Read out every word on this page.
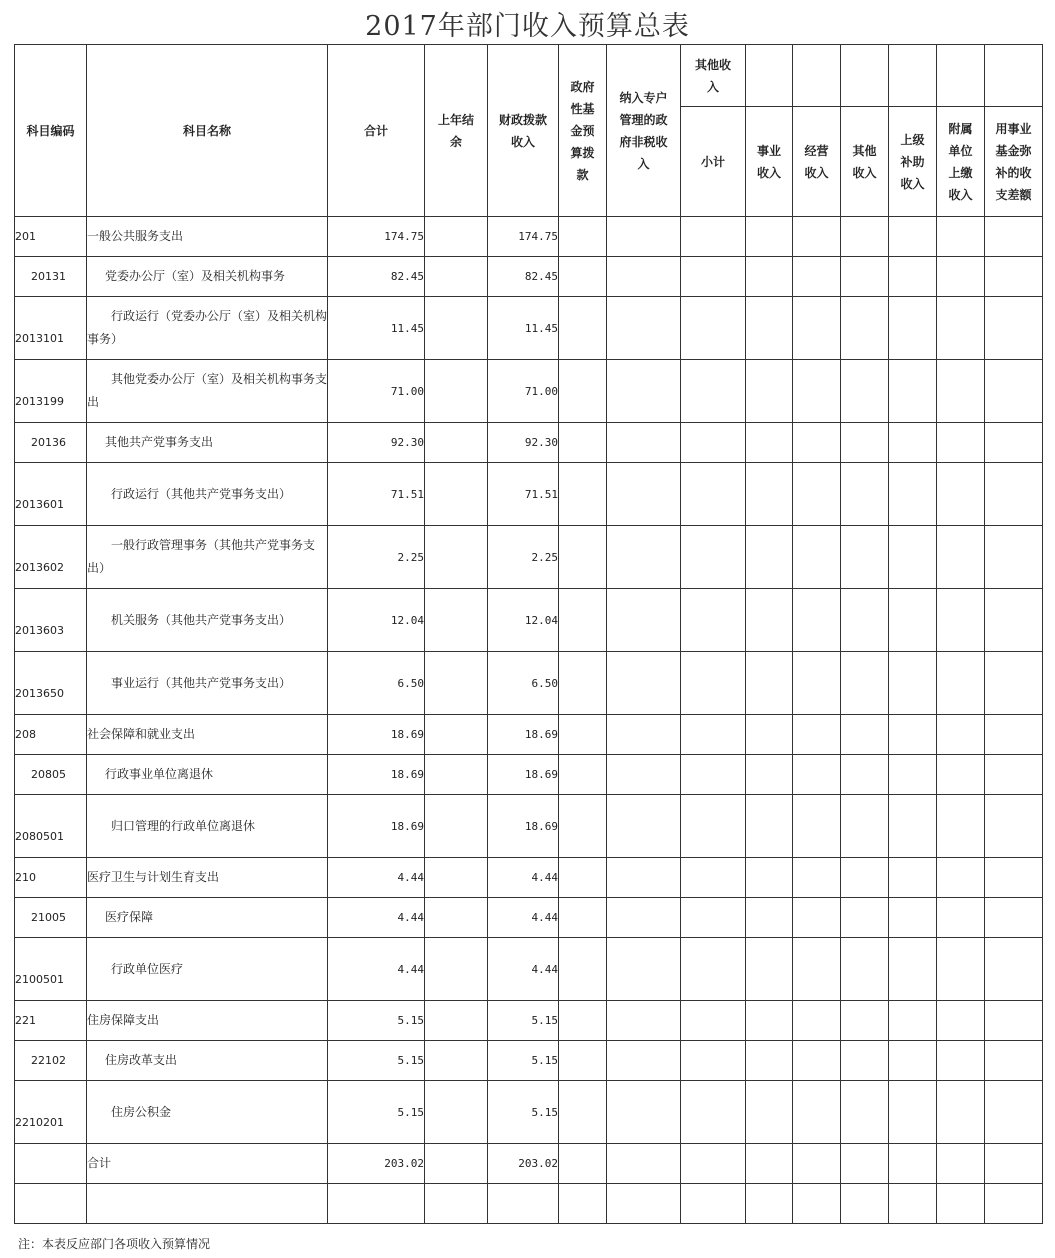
2017年部门收入预算总表
科目编码	科目名称	合计	上年结余	财政拨款收入	政府性基金预算拨款	纳入专户管理的政府非税收入	其他收入						
							小计	事业收入	经营收入	其他收入	上级补助收入	附属单位上缴收入	用事业基金弥补的收支差额
201	一般公共服务支出	174.75		174.75									
20131	党委办公厅（室）及相关机构事务	82.45		82.45									
2013101	行政运行（党委办公厅（室）及相关机构事务）	11.45		11.45									
2013199	其他党委办公厅（室）及相关机构事务支出	71.00		71.00									
20136	其他共产党事务支出	92.30		92.30									
2013601	行政运行（其他共产党事务支出）	71.51		71.51									
2013602	一般行政管理事务（其他共产党事务支出）	2.25		2.25									
2013603	机关服务（其他共产党事务支出）	12.04		12.04									
2013650	事业运行（其他共产党事务支出）	6.50		6.50									
208	社会保障和就业支出	18.69		18.69									
20805	行政事业单位离退休	18.69		18.69									
2080501	归口管理的行政单位离退休	18.69		18.69									
210	医疗卫生与计划生育支出	4.44		4.44									
21005	医疗保障	4.44		4.44									
2100501	行政单位医疗	4.44		4.44									
221	住房保障支出	5.15		5.15									
22102	住房改革支出	5.15		5.15									
2210201	住房公积金	5.15		5.15									
	合计	203.02		203.02									

注：本表反应部门各项收入预算情况
